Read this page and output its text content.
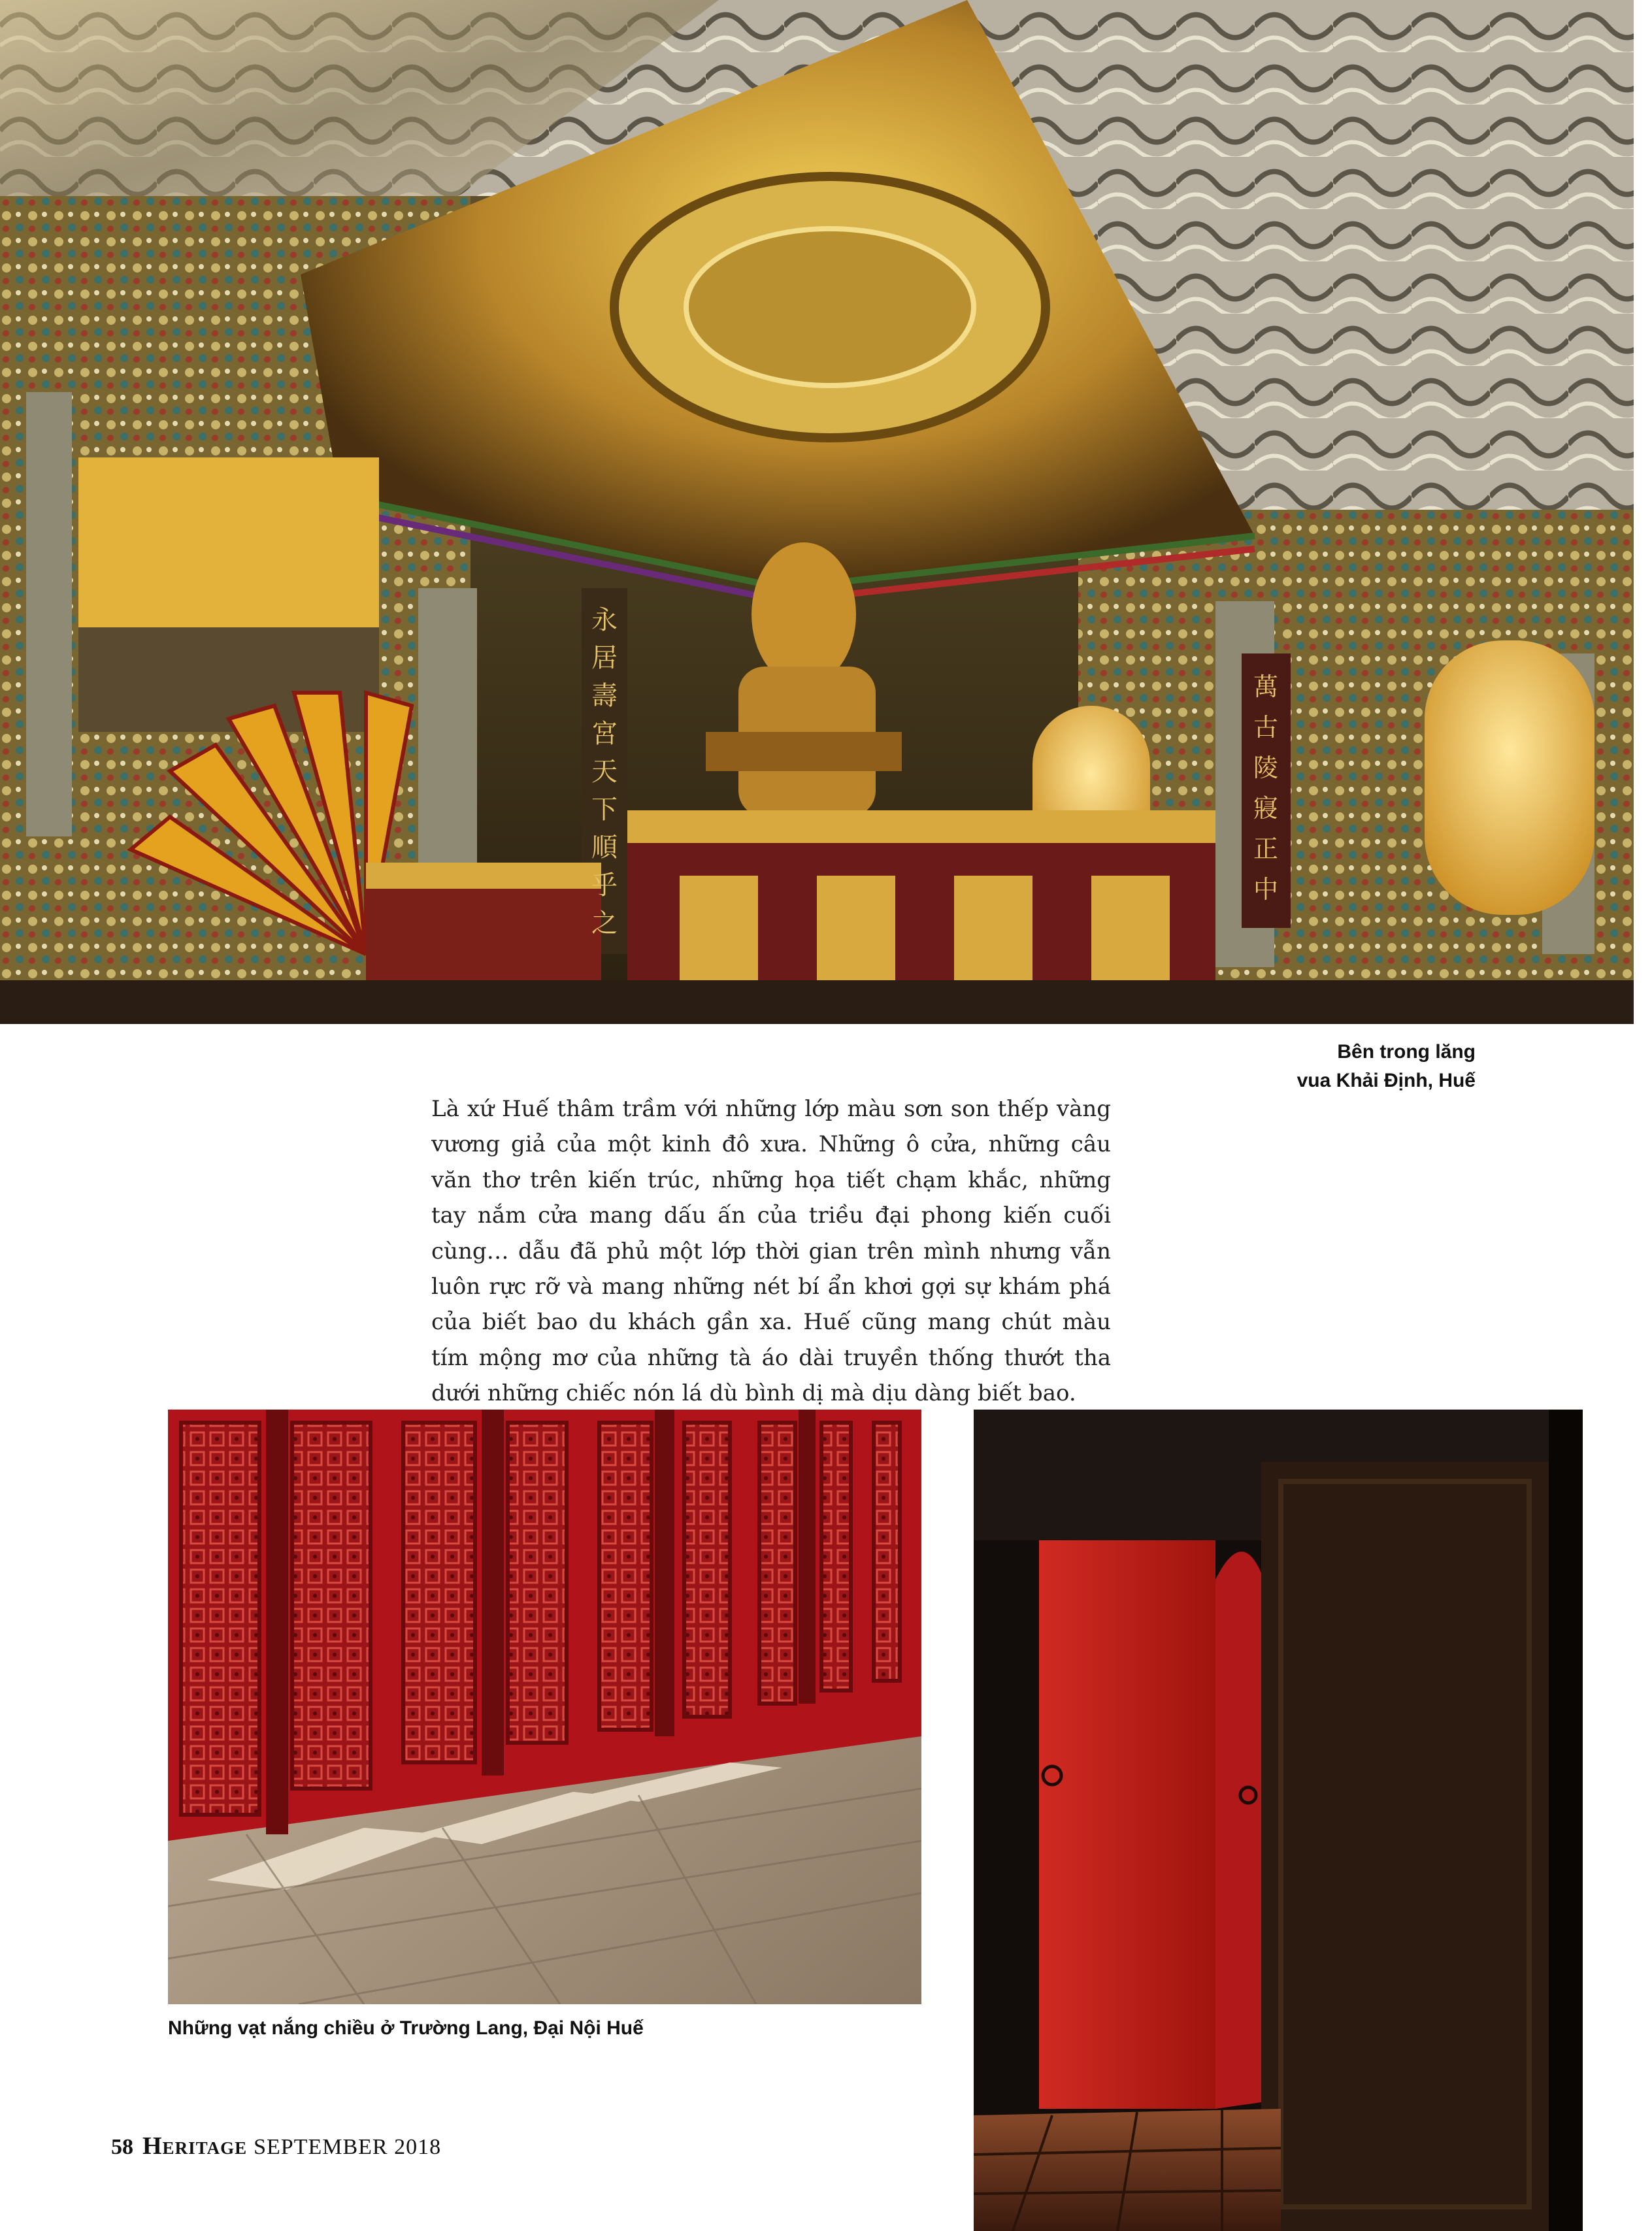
永 居 壽 宮 天 下 順 乎 之
萬 古 陵 寢 正 中

Bên trong lăng
vua Khải Định, Huế

Là xứ Huế thâm trầm với những lớp màu sơn son thếp vàng vương giả của một kinh đô xưa. Những ô cửa, những câu văn thơ trên kiến trúc, những họa tiết chạm khắc, những tay nắm cửa mang dấu ấn của triều đại phong kiến cuối cùng… dẫu đã phủ một lớp thời gian trên mình nhưng vẫn luôn rực rỡ và mang những nét bí ẩn khơi gợi sự khám phá của biết bao du khách gần xa. Huế cũng mang chút màu tím mộng mơ của những tà áo dài truyền thống thướt tha dưới những chiếc nón lá dù bình dị mà dịu dàng biết bao.

Những vạt nắng chiều ở Trường Lang, Đại Nội Huế

58 Heritage SEPTEMBER 2018
